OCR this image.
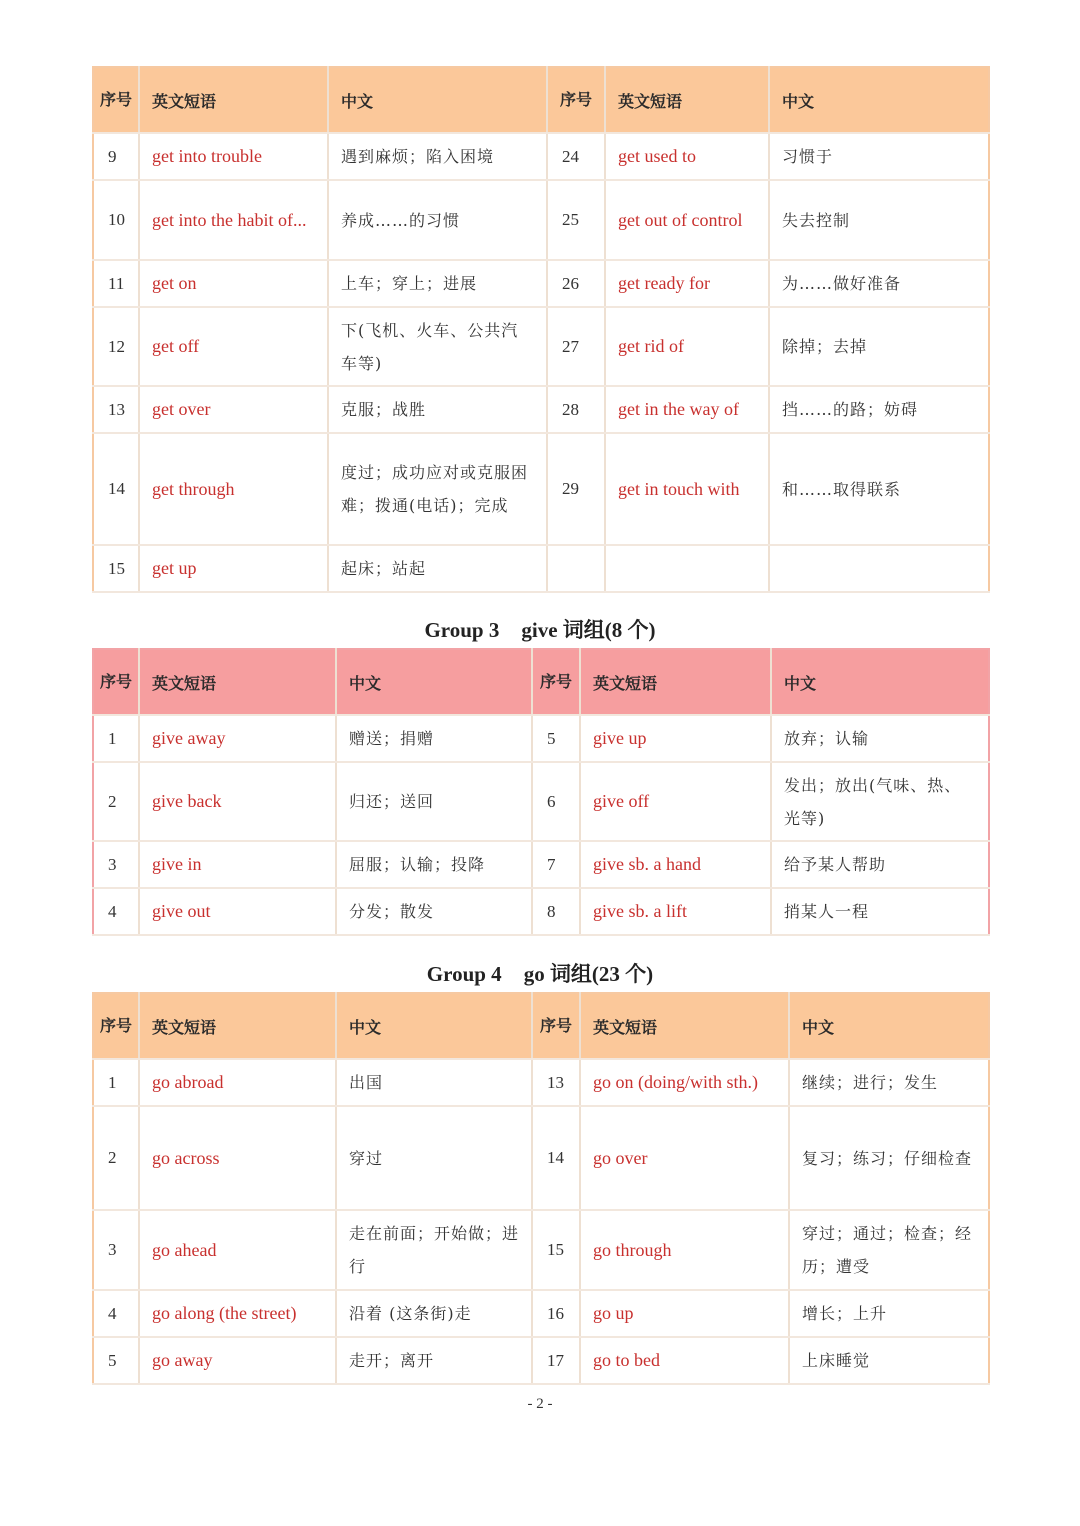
序号	英文短语	中文	序号	英文短语	中文
9	get into trouble	遇到麻烦；陷入困境	24	get used to	习惯于
10	get into the habit of...	养成……的习惯	25	get out of control	失去控制
11	get on	上车；穿上；进展	26	get ready for	为……做好准备
12	get off	下(飞机、火车、公共汽车等)	27	get rid of	除掉；去掉
13	get over	克服；战胜	28	get in the way of	挡……的路；妨碍
14	get through	度过；成功应对或克服困难；拨通(电话)；完成	29	get in touch with	和……取得联系
15	get up	起床；站起			
Group 3 give 词组(8 个)
序号	英文短语	中文	序号	英文短语	中文
1	give away	赠送；捐赠	5	give up	放弃；认输
2	give back	归还；送回	6	give off	发出；放出(气味、热、光等)
3	give in	屈服；认输；投降	7	give sb. a hand	给予某人帮助
4	give out	分发；散发	8	give sb. a lift	捎某人一程
Group 4 go 词组(23 个)
序号	英文短语	中文	序号	英文短语	中文
1	go abroad	出国	13	go on (doing/with sth.)	继续；进行；发生
2	go across	穿过	14	go over	复习；练习；仔细检查
3	go ahead	走在前面；开始做；进行	15	go through	穿过；通过；检查；经历；遭受
4	go along (the street)	沿着 (这条街)走	16	go up	增长；上升
5	go away	走开；离开	17	go to bed	上床睡觉
- 2 -
